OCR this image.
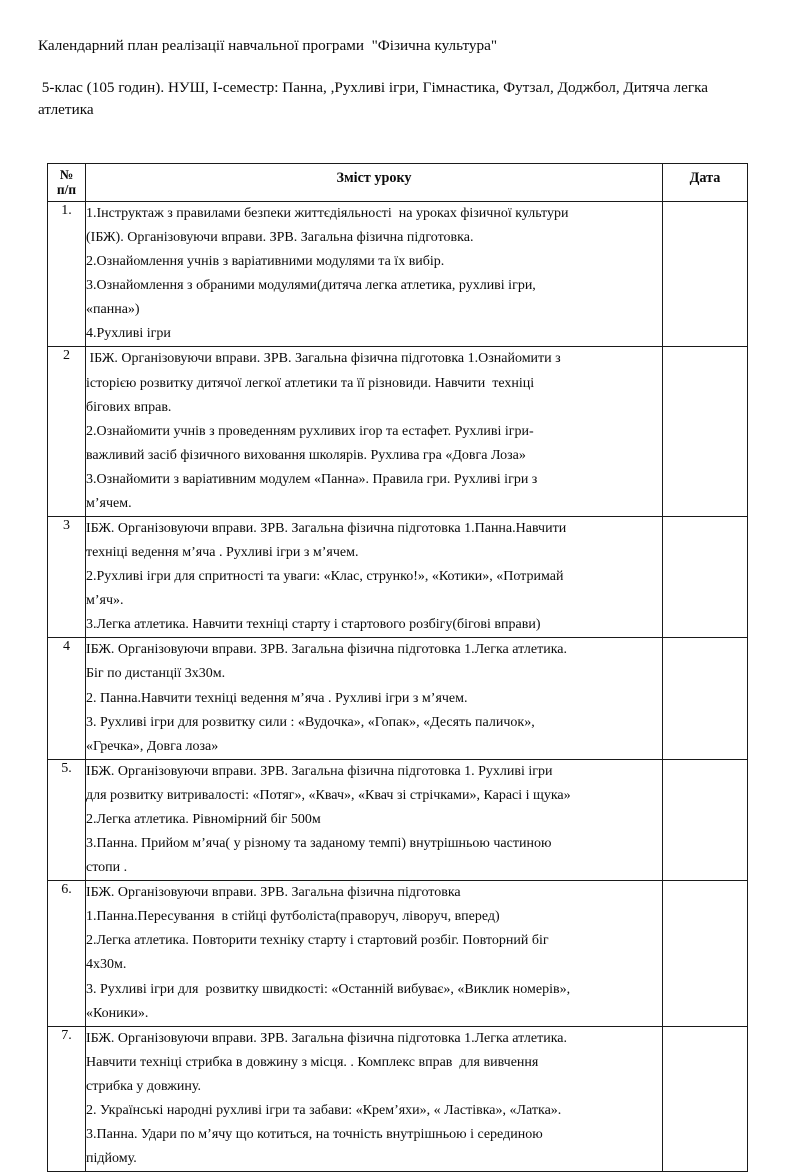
Календарний план реалізації навчальної програми  "Фізична культура"

5-клас (105 годин). НУШ, І-семестр: Панна, ,Рухливі ігри, Гімнастика, Футзал, Доджбол, Дитяча легка атлетика

№
п/п	Зміст уроку	Дата
1.	1.Інструктаж з правилами безпеки життєдіяльності  на уроках фізичної культури
(ІБЖ). Організовуючи вправи. ЗРВ. Загальна фізична підготовка.
2.Ознайомлення учнів з варіативними модулями та їх вибір.
3.Ознайомлення з обраними модулями(дитяча легка атлетика, рухливі ігри,
«панна»)
4.Рухливі ігри

2	ІБЖ. Організовуючи вправи. ЗРВ. Загальна фізична підготовка 1.Ознайомити з
історією розвитку дитячої легкої атлетики та її різновиди. Навчити  техніці
бігових вправ.
2.Ознайомити учнів з проведенням рухливих ігор та естафет. Рухливі ігри-
важливий засіб фізичного виховання школярів. Рухлива гра «Довга Лоза»
3.Ознайомити з варіативним модулем «Панна». Правила гри. Рухливі ігри з
м’ячем.

3	ІБЖ. Організовуючи вправи. ЗРВ. Загальна фізична підготовка 1.Панна.Навчити
техніці ведення м’яча . Рухливі ігри з м’ячем.
2.Рухливі ігри для спритності та уваги: «Клас, струнко!», «Котики», «Потримай
м’яч».
3.Легка атлетика. Навчити техніці старту і стартового розбігу(бігові вправи)	

4	ІБЖ. Організовуючи вправи. ЗРВ. Загальна фізична підготовка 1.Легка атлетика.
Біг по дистанції 3х30м.
2. Панна.Навчити техніці ведення м’яча . Рухливі ігри з м’ячем.
3. Рухливі ігри для розвитку сили : «Вудочка», «Гопак», «Десять паличок»,
«Гречка», Довга лоза»	

5.	ІБЖ. Організовуючи вправи. ЗРВ. Загальна фізична підготовка 1. Рухливі ігри
для розвитку витривалості: «Потяг», «Квач», «Квач зі стрічками», Карасі і щука»
2.Легка атлетика. Рівномірний біг 500м
3.Панна. Прийом м’яча( у різному та заданому темпі) внутрішньою частиною
стопи .	

6.	ІБЖ. Організовуючи вправи. ЗРВ. Загальна фізична підготовка
1.Панна.Пересування  в стійці футболіста(праворуч, ліворуч, вперед)
2.Легка атлетика. Повторити техніку старту і стартовий розбіг. Повторний біг
4х30м.
3. Рухливі ігри для  розвитку швидкості: «Останній вибуває», «Виклик номерів»,
«Коники».

7.	ІБЖ. Організовуючи вправи. ЗРВ. Загальна фізична підготовка 1.Легка атлетика.
Навчити техніці стрибка в довжину з місця. . Комплекс вправ  для вивчення
стрибка у довжину.
2. Українські народні рухливі ігри та забави: «Крем’яхи», « Ластівка», «Латка».
3.Панна. Удари по м’ячу що котиться, на точність внутрішньою і серединою
підйому.
